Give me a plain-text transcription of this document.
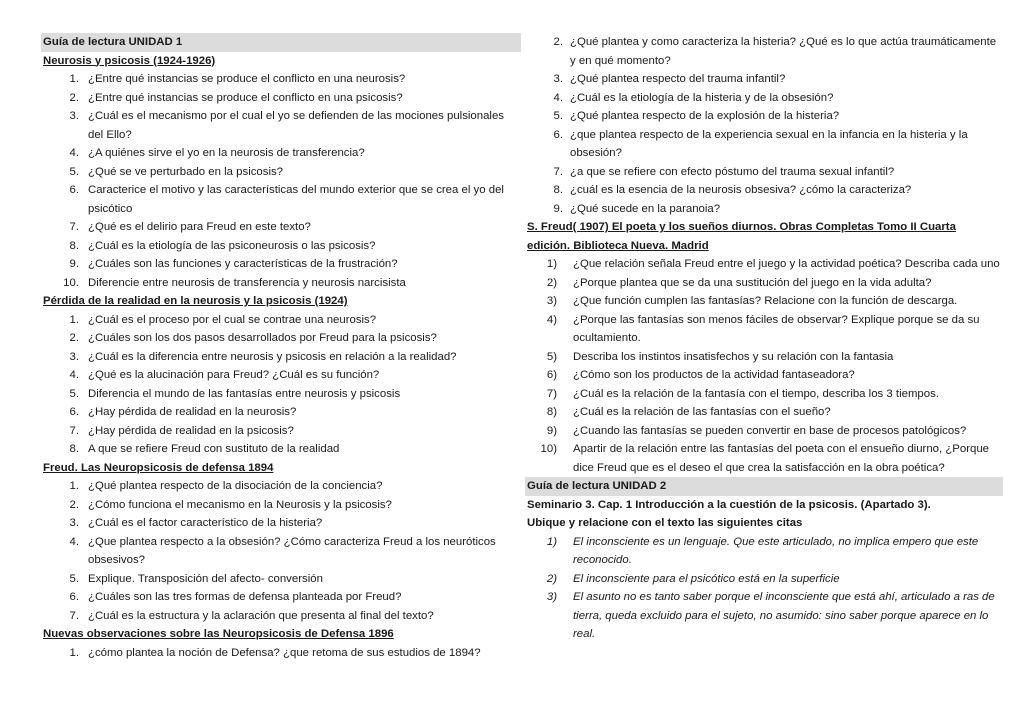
Guía de lectura UNIDAD 1
Neurosis y psicosis (1924-1926)
1. ¿Entre qué instancias se produce el conflicto en una neurosis?
2. ¿Entre qué instancias se produce el conflicto en una psicosis?
3. ¿Cuál es el mecanismo por el cual el yo se defienden de las mociones pulsionales del Ello?
4. ¿A quiénes sirve el yo en la neurosis de transferencia?
5. ¿Qué se ve perturbado en la psicosis?
6. Caracterice el motivo y las características del mundo exterior que se crea el yo del psicótico
7. ¿Qué es el delirio para Freud en este texto?
8. ¿Cuál es la etiología de las psiconeurosis o las psicosis?
9. ¿Cuáles son las funciones y características de la frustración?
10. Diferencie entre neurosis de transferencia y neurosis narcisista
Pérdida de la realidad en la neurosis y la psicosis (1924)
1. ¿Cuál es el proceso por el cual se contrae una neurosis?
2. ¿Cuáles son los dos pasos desarrollados por Freud para la psicosis?
3. ¿Cuál es la diferencia entre neurosis y psicosis en relación a la realidad?
4. ¿Qué es la alucinación para Freud? ¿Cuál es su función?
5. Diferencia el mundo de las fantasías entre neurosis y psicosis
6. ¿Hay pérdida de realidad en la neurosis?
7. ¿Hay pérdida de realidad en la psicosis?
8. A que se refiere Freud con sustituto de la realidad
Freud. Las Neuropsicosis de defensa 1894
1. ¿Qué plantea respecto de la disociación de la conciencia?
2. ¿Cómo funciona el mecanismo en la Neurosis y la psicosis?
3. ¿Cuál es el factor característico de la histeria?
4. ¿Que plantea respecto a la obsesión? ¿Cómo caracteriza Freud a los neuróticos obsesivos?
5. Explique. Transposición del afecto- conversión
6. ¿Cuáles son las tres formas de defensa planteada por Freud?
7. ¿Cuál es la estructura y la aclaración que presenta al final del texto?
Nuevas observaciones sobre las Neuropsicosis de Defensa 1896
1. ¿cómo plantea la noción de Defensa? ¿que retoma de sus estudios de 1894?
2. ¿Qué plantea y como caracteriza la histeria? ¿Qué es lo que actúa traumáticamente y en qué momento?
3. ¿Qué plantea respecto del trauma infantil?
4. ¿Cuál es la etiología de la histeria y de la obsesión?
5. ¿Qué plantea respecto de la explosión de la histeria?
6. ¿que plantea respecto de la experiencia sexual en la infancia en la histeria y la obsesión?
7. ¿a que se refiere con efecto póstumo del trauma sexual infantil?
8. ¿cuál es la esencia de la neurosis obsesiva? ¿cómo la caracteriza?
9. ¿Qué sucede en la paranoia?
S. Freud( 1907) El poeta y los sueños diurnos. Obras Completas Tomo II Cuarta
edición. Biblioteca Nueva. Madrid
1) ¿Que relación señala Freud entre el juego y la actividad poética? Describa cada uno
2) ¿Porque plantea que se da una sustitución del juego en la vida adulta?
3) ¿Que función cumplen las fantasías? Relacione con la función de descarga.
4) ¿Porque las fantasías son menos fáciles de observar? Explique porque se da su ocultamiento.
5) Describa los instintos insatisfechos y su relación con la fantasia
6) ¿Cómo son los productos de la actividad fantaseadora?
7) ¿Cuál es la relación de la fantasía con el tiempo, describa los 3 tiempos.
8) ¿Cuál es la relación de las fantasías con el sueño?
9) ¿Cuando las fantasías se pueden convertir en base de procesos patológicos?
10) Apartir de la relación entre las fantasías del poeta con el ensueño diurno, ¿Porque dice Freud que es el deseo el que crea la satisfacción en la obra poética?
Guía de lectura UNIDAD 2
Seminario 3. Cap. 1 Introducción a la cuestión de la psicosis. (Apartado 3).
Ubique y relacione con el texto las siguientes citas
1) El inconsciente es un lenguaje. Que este articulado, no implica empero que este reconocido.
2) El inconsciente para el psicótico está en la superficie
3) El asunto no es tanto saber porque el inconsciente que está ahí, articulado a ras de tierra, queda excluido para el sujeto, no asumido: sino saber porque aparece en lo real.
